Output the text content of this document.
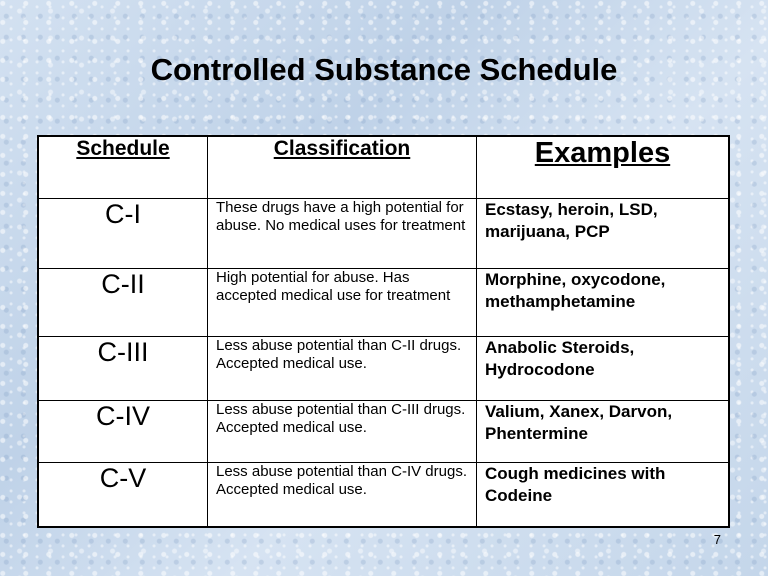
Controlled Substance Schedule
Schedule	Classification	Examples
C-I	These drugs have a high potential for abuse. No medical uses for treatment	Ecstasy, heroin, LSD, marijuana, PCP
C-II	High potential for abuse. Has accepted medical use for treatment	Morphine, oxycodone, methamphetamine
C-III	Less abuse potential than C-II drugs. Accepted medical use.	Anabolic Steroids, Hydrocodone
C-IV	Less abuse potential than C-III drugs. Accepted medical use.	Valium, Xanex, Darvon, Phentermine
C-V	Less abuse potential than C-IV drugs. Accepted medical use.	Cough medicines with Codeine
7
